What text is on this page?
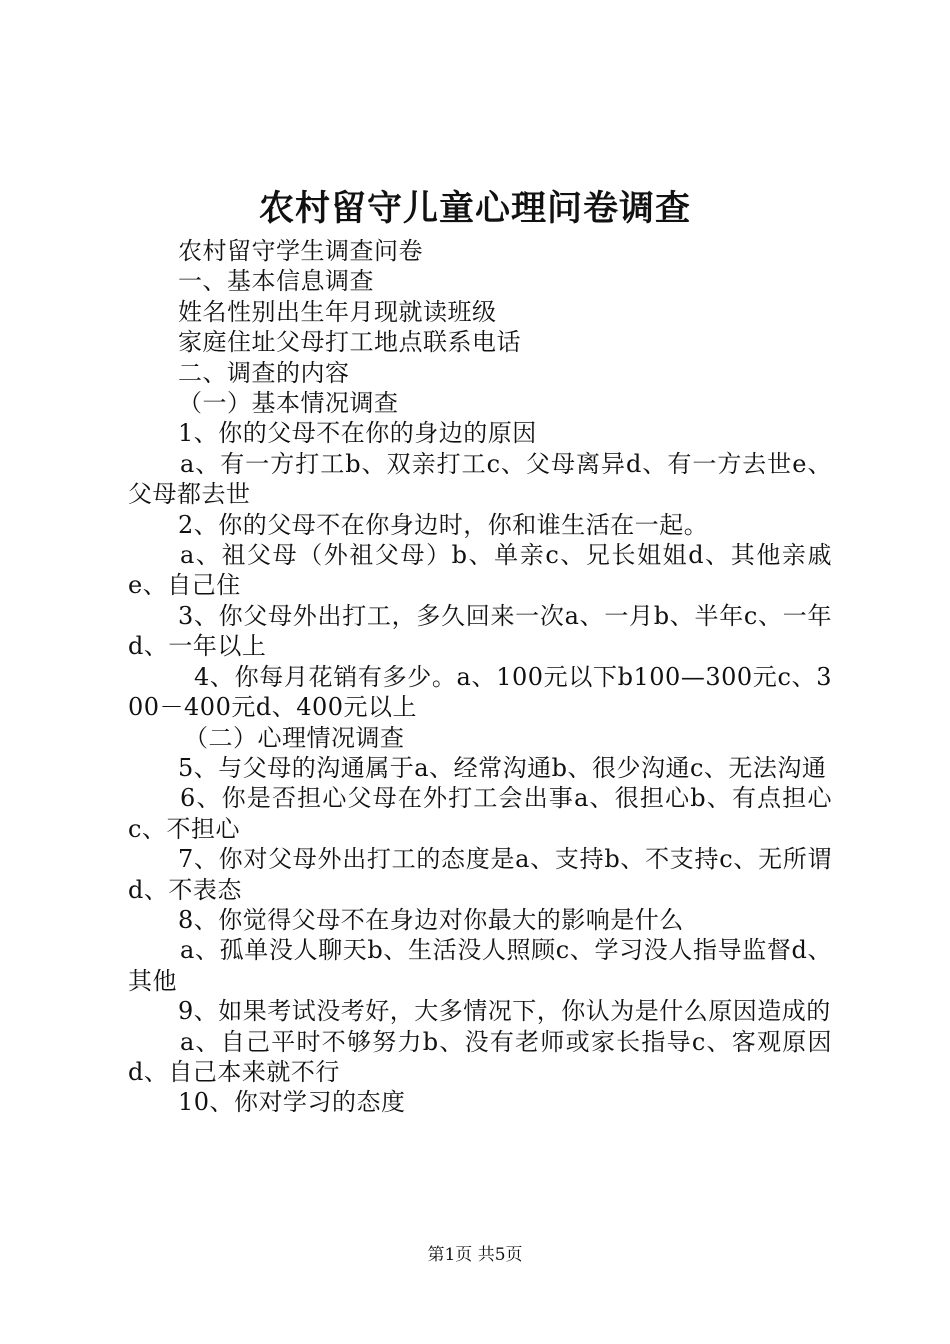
农村留守儿童心理问卷调查

农村留守学生调查问卷

一、基本信息调查

姓名性别出生年月现就读班级

家庭住址父母打工地点联系电话

二、调查的内容

（一）基本情况调查

1、你的父母不在你的身边的原因

a、有一方打工b、双亲打工c、父母离异d、有一方去世e、父母都去世

2、你的父母不在你身边时，你和谁生活在一起。

a、祖父母（外祖父母）b、单亲c、兄长姐姐d、其他亲戚e、自己住

3、你父母外出打工，多久回来一次a、一月b、半年c、一年d、一年以上

4、你每月花销有多少。a、100元以下b100—300元c、300－400元d、400元以上

（二）心理情况调查

5、与父母的沟通属于a、经常沟通b、很少沟通c、无法沟通

6、你是否担心父母在外打工会出事a、很担心b、有点担心c、不担心

7、你对父母外出打工的态度是a、支持b、不支持c、无所谓d、不表态

8、你觉得父母不在身边对你最大的影响是什么

a、孤单没人聊天b、生活没人照顾c、学习没人指导监督d、其他

9、如果考试没考好，大多情况下，你认为是什么原因造成的

a、自己平时不够努力b、没有老师或家长指导c、客观原因d、自己本来就不行

10、你对学习的态度

第1页 共5页
